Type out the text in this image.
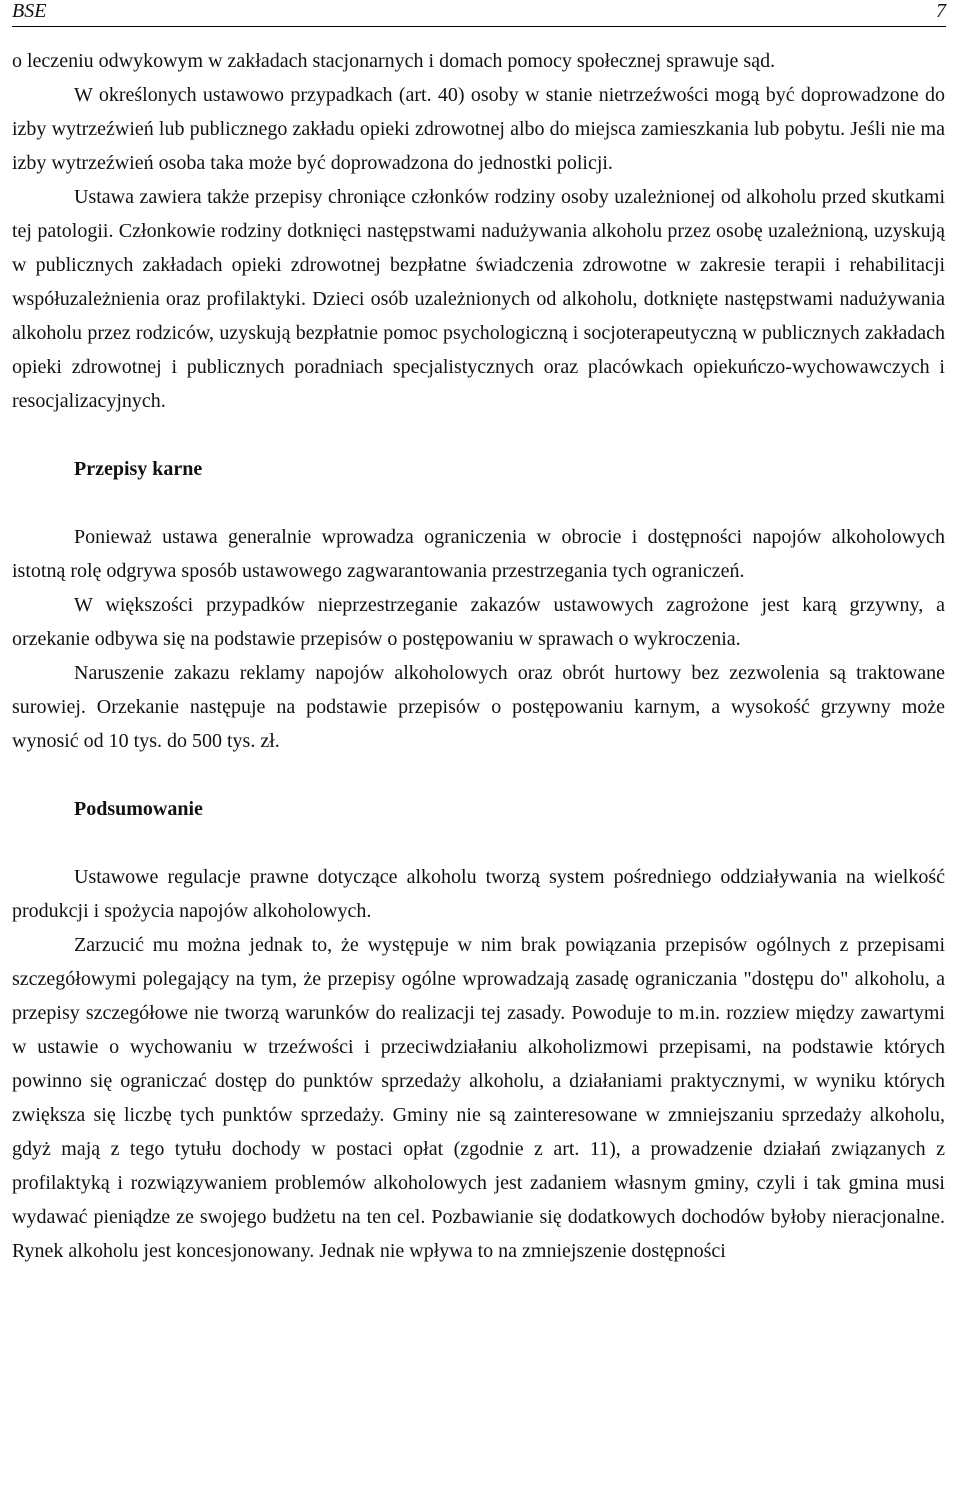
BSE	7

o leczeniu odwykowym w zakładach stacjonarnych i domach pomocy społecznej sprawuje sąd.

W określonych ustawowo przypadkach (art. 40) osoby w stanie nietrzeźwości mogą być doprowadzone do izby wytrzeźwień lub publicznego zakładu opieki zdrowotnej albo do miejsca zamieszkania lub pobytu. Jeśli nie ma izby wytrzeźwień osoba taka może być doprowadzona do jednostki policji.

Ustawa zawiera także przepisy chroniące członków rodziny osoby uzależnionej od alkoholu przed skutkami tej patologii. Członkowie rodziny dotknięci następstwami nadużywania alkoholu przez osobę uzależnioną, uzyskują w publicznych zakładach opieki zdrowotnej bezpłatne świadczenia zdrowotne w zakresie terapii i rehabilitacji współuzależnienia oraz profilaktyki. Dzieci osób uzależnionych od alkoholu, dotknięte następstwami nadużywania alkoholu przez rodziców, uzyskują bezpłatnie pomoc psychologiczną i socjoterapeutyczną w publicznych zakładach opieki zdrowotnej i publicznych poradniach specjalistycznych oraz placówkach opiekuńczo-wychowawczych i resocjalizacyjnych.

Przepisy karne

Ponieważ ustawa generalnie wprowadza ograniczenia w obrocie i dostępności napojów alkoholowych istotną rolę odgrywa sposób ustawowego zagwarantowania przestrzegania tych ograniczeń.

W większości przypadków nieprzestrzeganie zakazów ustawowych zagrożone jest karą grzywny, a orzekanie odbywa się na podstawie przepisów o postępowaniu w sprawach o wykroczenia.

Naruszenie zakazu reklamy napojów alkoholowych oraz obrót hurtowy bez zezwolenia są traktowane surowiej. Orzekanie następuje na podstawie przepisów o postępowaniu karnym, a wysokość grzywny może wynosić od 10 tys. do 500 tys. zł.

Podsumowanie

Ustawowe regulacje prawne dotyczące alkoholu tworzą system pośredniego oddziaływania na wielkość produkcji i spożycia napojów alkoholowych.

Zarzucić mu można jednak to, że występuje w nim brak powiązania przepisów ogólnych z przepisami szczegółowymi polegający na tym, że przepisy ogólne wprowadzają zasadę ograniczania "dostępu do" alkoholu, a przepisy szczegółowe nie tworzą warunków do realizacji tej zasady. Powoduje to m.in. rozziew między zawartymi w ustawie o wychowaniu w trzeźwości i przeciwdziałaniu alkoholizmowi przepisami, na podstawie których powinno się ograniczać dostęp do punktów sprzedaży alkoholu, a działaniami praktycznymi, w wyniku których zwiększa się liczbę tych punktów sprzedaży. Gminy nie są zainteresowane w zmniejszaniu sprzedaży alkoholu, gdyż mają z tego tytułu dochody w postaci opłat (zgodnie z art. 11), a prowadzenie działań związanych z profilaktyką i rozwiązywaniem problemów alkoholowych jest zadaniem własnym gminy, czyli i tak gmina musi wydawać pieniądze ze swojego budżetu na ten cel. Pozbawianie się dodatkowych dochodów byłoby nieracjonalne. Rynek alkoholu jest koncesjonowany. Jednak nie wpływa to na zmniejszenie dostępności
